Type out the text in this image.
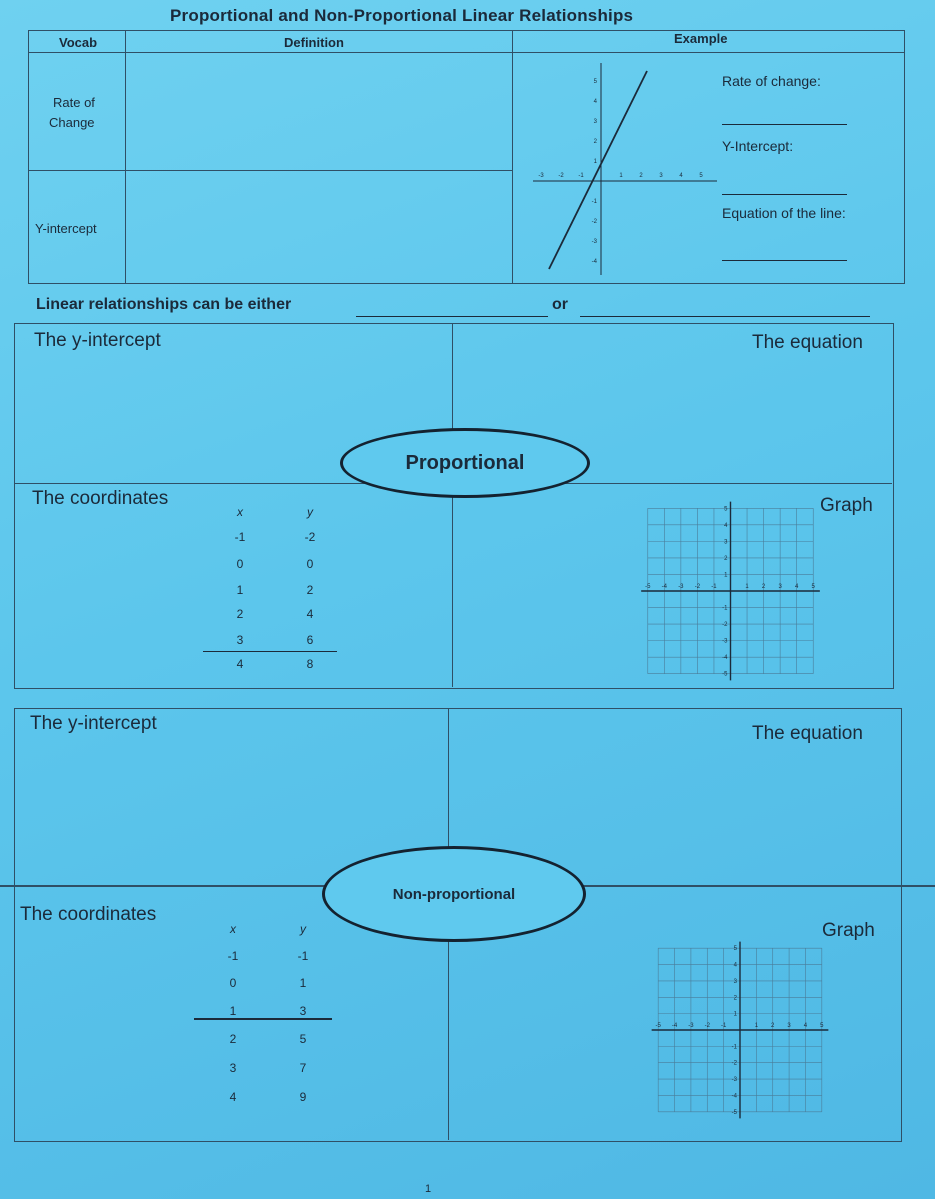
Proportional and Non-Proportional Linear Relationships
Vocab	Definition	Example
Rate of
Change
Y-intercept
-3 -2 -1	1	2	3	4	5
5
4
3
2
1
-1
-2
-3
-4
Rate of change:
Y-Intercept:
Equation of the line:
Linear relationships can be either	or
The y-intercept	The equation
Proportional
The coordinates	Graph
x	y
-1	-2
0	0
1	2
2	4
3	6
4	8
-5 -4 -3 -2 -1	1 2 3 4 5
5
4
3
2
1
-1
-2
-3
-4
-5
The y-intercept	The equation
Non-proportional
The coordinates
Graph
x	y
-1	-1
0	1
1	3
2	5
3	7
4	9
-5 -4 -3 -2 -1	1 2 3 4 5
5
4
3
2
1
-1
-2
-3
-4
-5
1
